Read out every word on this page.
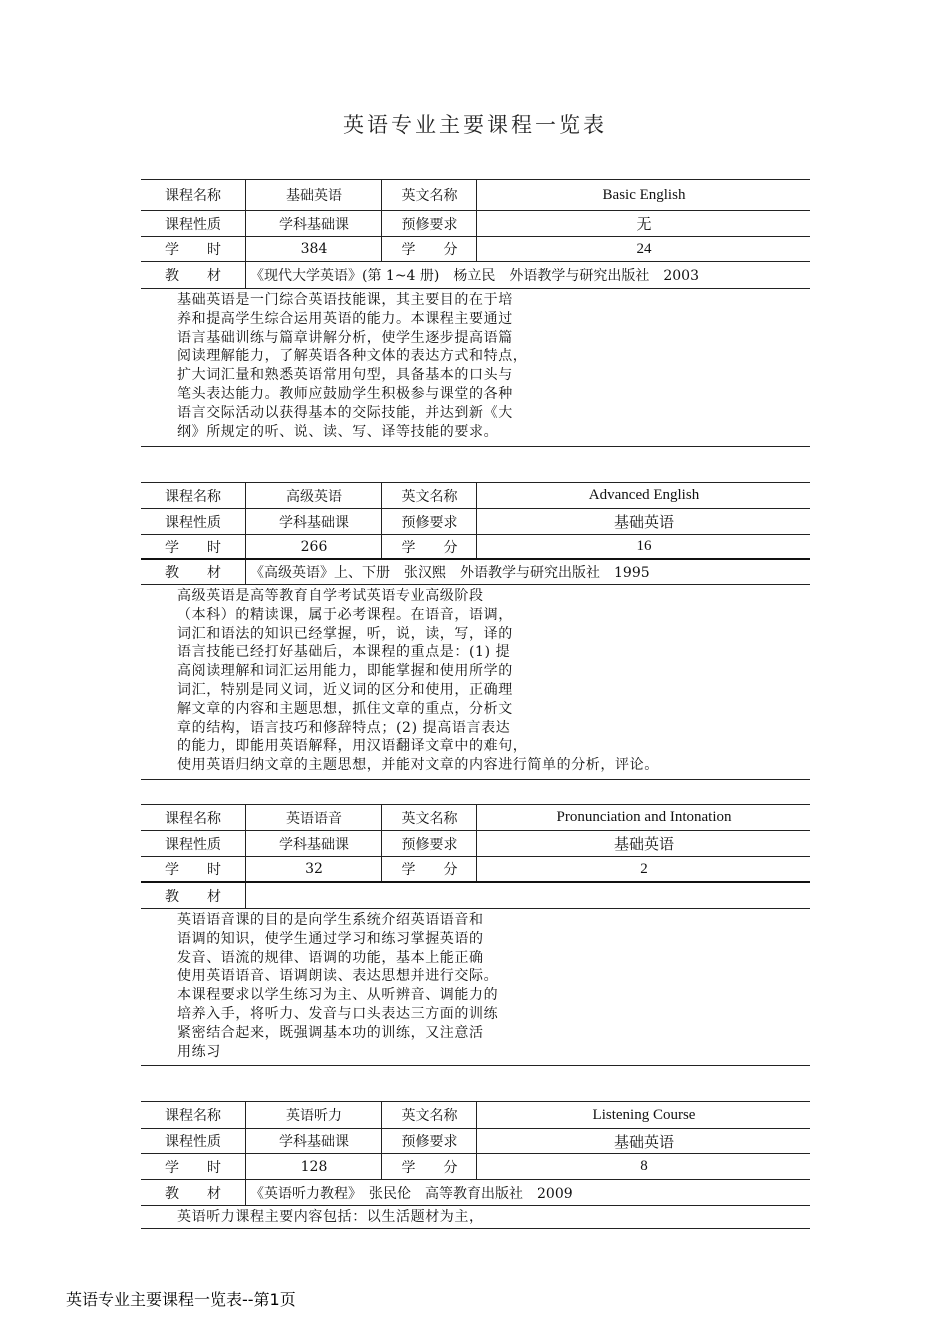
英语专业主要课程一览表
课程名称	基础英语	英文名称	Basic English
课程性质	学科基础课	预修要求	无
学　　时	384	学　　分	24
教　　材	《现代大学英语》(第 1~4 册)　杨立民　外语教学与研究出版社　2003
基础英语是一门综合英语技能课，其主要目的在于培
养和提高学生综合运用英语的能力。本课程主要通过
语言基础训练与篇章讲解分析，使学生逐步提高语篇
阅读理解能力，了解英语各种文体的表达方式和特点，
扩大词汇量和熟悉英语常用句型，具备基本的口头与
笔头表达能力。教师应鼓励学生积极参与课堂的各种
语言交际活动以获得基本的交际技能，并达到新《大
纲》所规定的听、说、读、写、译等技能的要求。
课程名称	高级英语	英文名称	Advanced English
课程性质	学科基础课	预修要求	基础英语
学　　时	266	学　　分	16
教　　材	《高级英语》上、下册　张汉熙　外语教学与研究出版社　1995
高级英语是高等教育自学考试英语专业高级阶段
（本科）的精读课，属于必考课程。在语音，语调，
词汇和语法的知识已经掌握，听，说，读，写，译的
语言技能已经打好基础后，本课程的重点是：(1) 提
高阅读理解和词汇运用能力，即能掌握和使用所学的
词汇，特别是同义词，近义词的区分和使用，正确理
解文章的内容和主题思想，抓住文章的重点，分析文
章的结构，语言技巧和修辞特点；(2) 提高语言表达
的能力，即能用英语解释，用汉语翻译文章中的难句，
使用英语归纳文章的主题思想，并能对文章的内容进行简单的分析，评论。
课程名称	英语语音	英文名称	Pronunciation and Intonation
课程性质	学科基础课	预修要求	基础英语
学　　时	32	学　　分	2
教　　材
英语语音课的目的是向学生系统介绍英语语音和
语调的知识，使学生通过学习和练习掌握英语的
发音、语流的规律、语调的功能，基本上能正确
使用英语语音、语调朗读、表达思想并进行交际。
本课程要求以学生练习为主、从听辨音、调能力的
培养入手，将听力、发音与口头表达三方面的训练
紧密结合起来，既强调基本功的训练，又注意活
用练习
课程名称	英语听力	英文名称	Listening Course
课程性质	学科基础课	预修要求	基础英语
学　　时	128	学　　分	8
教　　材	《英语听力教程》　张民伦　高等教育出版社　2009
英语听力课程主要内容包括：以生活题材为主，
英语专业主要课程一览表--第1页
